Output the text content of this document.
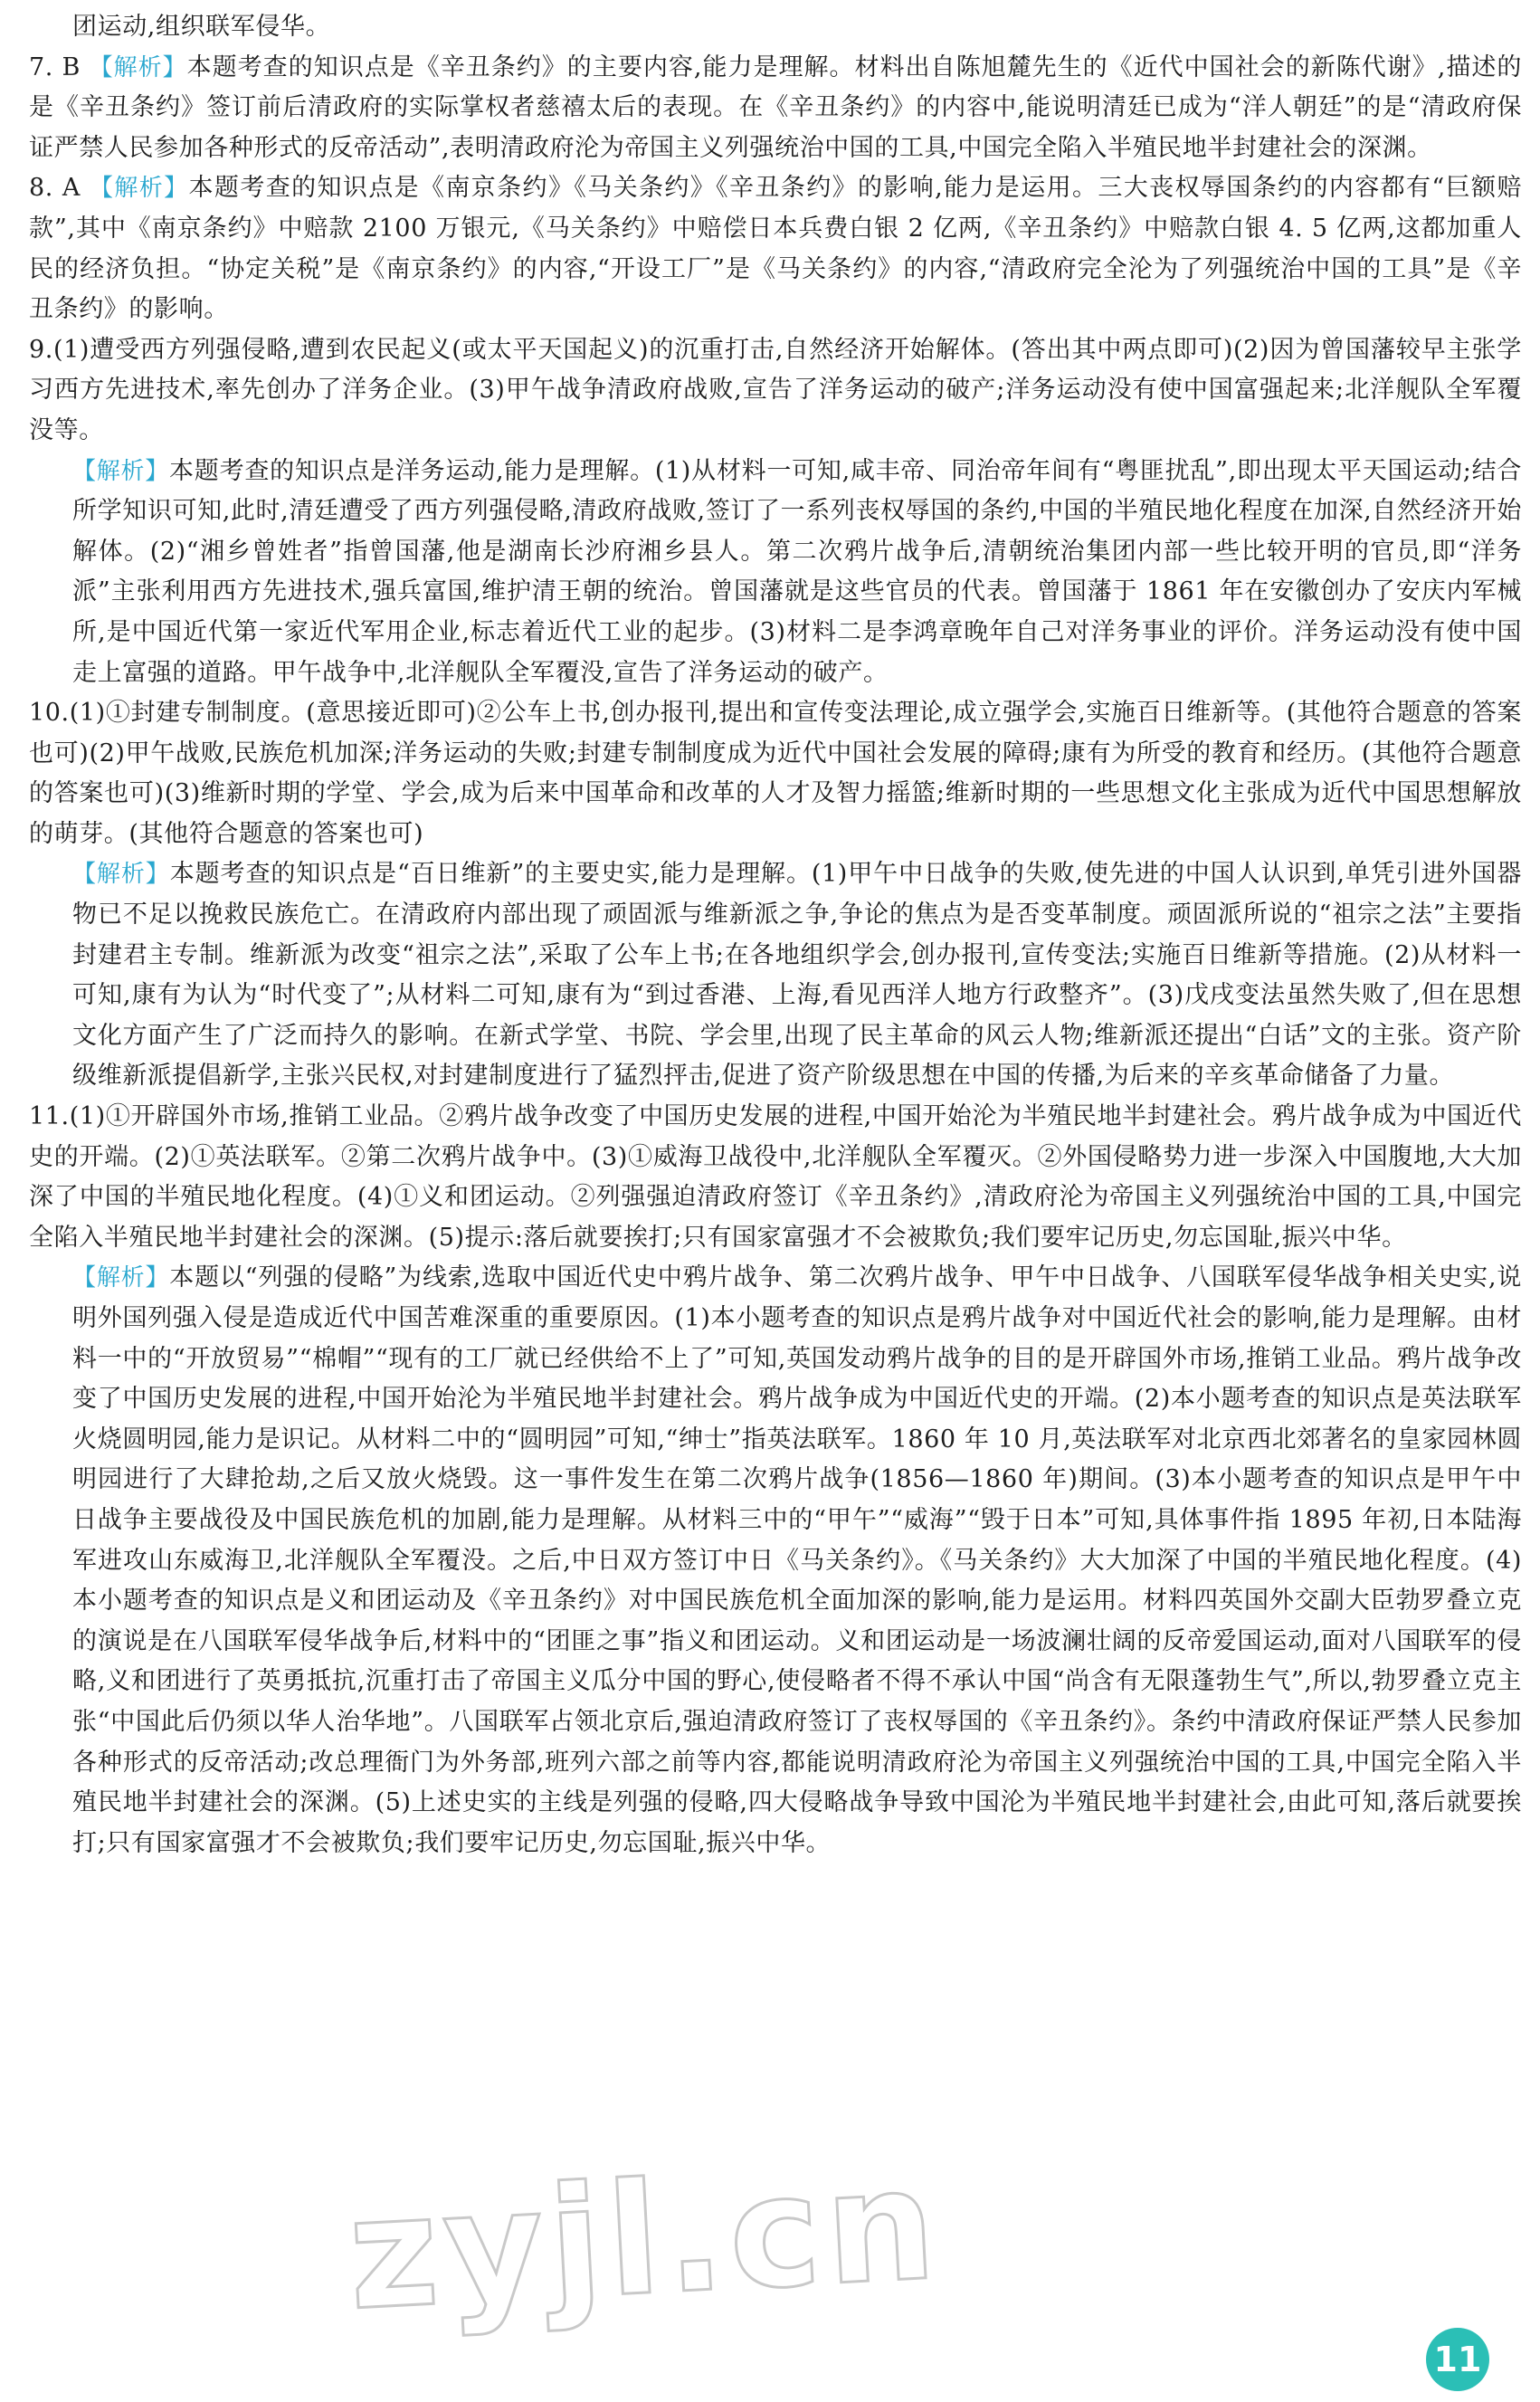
团运动,组织联军侵华。

7. B 【解析】本题考查的知识点是《辛丑条约》的主要内容,能力是理解。材料出自陈旭麓先生的《近代中国社会的新陈代谢》,描述的是《辛丑条约》签订前后清政府的实际掌权者慈禧太后的表现。在《辛丑条约》的内容中,能说明清廷已成为“洋人朝廷”的是“清政府保证严禁人民参加各种形式的反帝活动”,表明清政府沦为帝国主义列强统治中国的工具,中国完全陷入半殖民地半封建社会的深渊。

8. A 【解析】本题考查的知识点是《南京条约》《马关条约》《辛丑条约》的影响,能力是运用。三大丧权辱国条约的内容都有“巨额赔款”,其中《南京条约》中赔款 2100 万银元,《马关条约》中赔偿日本兵费白银 2 亿两,《辛丑条约》中赔款白银 4. 5 亿两,这都加重人民的经济负担。“协定关税”是《南京条约》的内容,“开设工厂”是《马关条约》的内容,“清政府完全沦为了列强统治中国的工具”是《辛丑条约》的影响。

9.(1)遭受西方列强侵略,遭到农民起义(或太平天国起义)的沉重打击,自然经济开始解体。(答出其中两点即可)(2)因为曾国藩较早主张学习西方先进技术,率先创办了洋务企业。(3)甲午战争清政府战败,宣告了洋务运动的破产;洋务运动没有使中国富强起来;北洋舰队全军覆没等。

【解析】本题考查的知识点是洋务运动,能力是理解。(1)从材料一可知,咸丰帝、同治帝年间有“粤匪扰乱”,即出现太平天国运动;结合所学知识可知,此时,清廷遭受了西方列强侵略,清政府战败,签订了一系列丧权辱国的条约,中国的半殖民地化程度在加深,自然经济开始解体。(2)“湘乡曾姓者”指曾国藩,他是湖南长沙府湘乡县人。第二次鸦片战争后,清朝统治集团内部一些比较开明的官员,即“洋务派”主张利用西方先进技术,强兵富国,维护清王朝的统治。曾国藩就是这些官员的代表。曾国藩于 1861 年在安徽创办了安庆内军械所,是中国近代第一家近代军用企业,标志着近代工业的起步。(3)材料二是李鸿章晚年自己对洋务事业的评价。洋务运动没有使中国走上富强的道路。甲午战争中,北洋舰队全军覆没,宣告了洋务运动的破产。

10.(1)①封建专制制度。(意思接近即可)②公车上书,创办报刊,提出和宣传变法理论,成立强学会,实施百日维新等。(其他符合题意的答案也可)(2)甲午战败,民族危机加深;洋务运动的失败;封建专制制度成为近代中国社会发展的障碍;康有为所受的教育和经历。(其他符合题意的答案也可)(3)维新时期的学堂、学会,成为后来中国革命和改革的人才及智力摇篮;维新时期的一些思想文化主张成为近代中国思想解放的萌芽。(其他符合题意的答案也可)

【解析】本题考查的知识点是“百日维新”的主要史实,能力是理解。(1)甲午中日战争的失败,使先进的中国人认识到,单凭引进外国器物已不足以挽救民族危亡。在清政府内部出现了顽固派与维新派之争,争论的焦点为是否变革制度。顽固派所说的“祖宗之法”主要指封建君主专制。维新派为改变“祖宗之法”,采取了公车上书;在各地组织学会,创办报刊,宣传变法;实施百日维新等措施。(2)从材料一可知,康有为认为“时代变了”;从材料二可知,康有为“到过香港、上海,看见西洋人地方行政整齐”。(3)戊戌变法虽然失败了,但在思想文化方面产生了广泛而持久的影响。在新式学堂、书院、学会里,出现了民主革命的风云人物;维新派还提出“白话”文的主张。资产阶级维新派提倡新学,主张兴民权,对封建制度进行了猛烈抨击,促进了资产阶级思想在中国的传播,为后来的辛亥革命储备了力量。

11.(1)①开辟国外市场,推销工业品。②鸦片战争改变了中国历史发展的进程,中国开始沦为半殖民地半封建社会。鸦片战争成为中国近代史的开端。(2)①英法联军。②第二次鸦片战争中。(3)①威海卫战役中,北洋舰队全军覆灭。②外国侵略势力进一步深入中国腹地,大大加深了中国的半殖民地化程度。(4)①义和团运动。②列强强迫清政府签订《辛丑条约》,清政府沦为帝国主义列强统治中国的工具,中国完全陷入半殖民地半封建社会的深渊。(5)提示:落后就要挨打;只有国家富强才不会被欺负;我们要牢记历史,勿忘国耻,振兴中华。

【解析】本题以“列强的侵略”为线索,选取中国近代史中鸦片战争、第二次鸦片战争、甲午中日战争、八国联军侵华战争相关史实,说明外国列强入侵是造成近代中国苦难深重的重要原因。(1)本小题考查的知识点是鸦片战争对中国近代社会的影响,能力是理解。由材料一中的“开放贸易”“棉帽”“现有的工厂就已经供给不上了”可知,英国发动鸦片战争的目的是开辟国外市场,推销工业品。鸦片战争改变了中国历史发展的进程,中国开始沦为半殖民地半封建社会。鸦片战争成为中国近代史的开端。(2)本小题考查的知识点是英法联军火烧圆明园,能力是识记。从材料二中的“圆明园”可知,“绅士”指英法联军。1860 年 10 月,英法联军对北京西北郊著名的皇家园林圆明园进行了大肆抢劫,之后又放火烧毁。这一事件发生在第二次鸦片战争(1856—1860 年)期间。(3)本小题考查的知识点是甲午中日战争主要战役及中国民族危机的加剧,能力是理解。从材料三中的“甲午”“威海”“毁于日本”可知,具体事件指 1895 年初,日本陆海军进攻山东威海卫,北洋舰队全军覆没。之后,中日双方签订中日《马关条约》。《马关条约》大大加深了中国的半殖民地化程度。(4)本小题考查的知识点是义和团运动及《辛丑条约》对中国民族危机全面加深的影响,能力是运用。材料四英国外交副大臣勃罗叠立克的演说是在八国联军侵华战争后,材料中的“团匪之事”指义和团运动。义和团运动是一场波澜壮阔的反帝爱国运动,面对八国联军的侵略,义和团进行了英勇抵抗,沉重打击了帝国主义瓜分中国的野心,使侵略者不得不承认中国“尚含有无限蓬勃生气”,所以,勃罗叠立克主张“中国此后仍须以华人治华地”。八国联军占领北京后,强迫清政府签订了丧权辱国的《辛丑条约》。条约中清政府保证严禁人民参加各种形式的反帝活动;改总理衙门为外务部,班列六部之前等内容,都能说明清政府沦为帝国主义列强统治中国的工具,中国完全陷入半殖民地半封建社会的深渊。(5)上述史实的主线是列强的侵略,四大侵略战争导致中国沦为半殖民地半封建社会,由此可知,落后就要挨打;只有国家富强才不会被欺负;我们要牢记历史,勿忘国耻,振兴中华。

zyjl.cn
11
